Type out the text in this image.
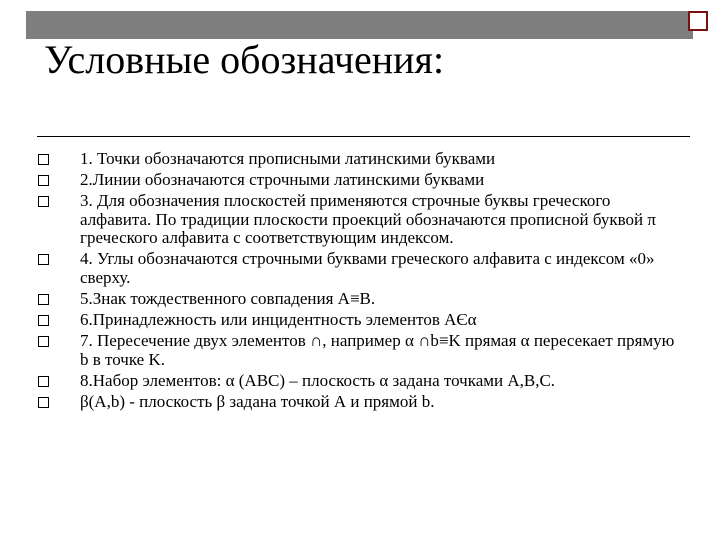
Условные обозначения:
1. Точки обозначаются прописными латинскими буквами
2.Линии обозначаются строчными латинскими буквами
3. Для обозначения плоскостей применяются строчные буквы греческого алфавита. По традиции плоскости проекций обозначаются прописной буквой π греческого алфавита с соответствующим индексом.
4. Углы обозначаются строчными буквами греческого алфавита с индексом «0» сверху.
5.Знак тождественного совпадения А≡В.
6.Принадлежность или инцидентность элементов АЄα
7. Пересечение двух элементов ∩, например α ∩b≡K прямая α пересекает прямую b в точке K.
8.Набор элементов: α (ABC) – плоскость α задана точками A,B,C.
β(A,b) - плоскость β задана точкой А и прямой b.
